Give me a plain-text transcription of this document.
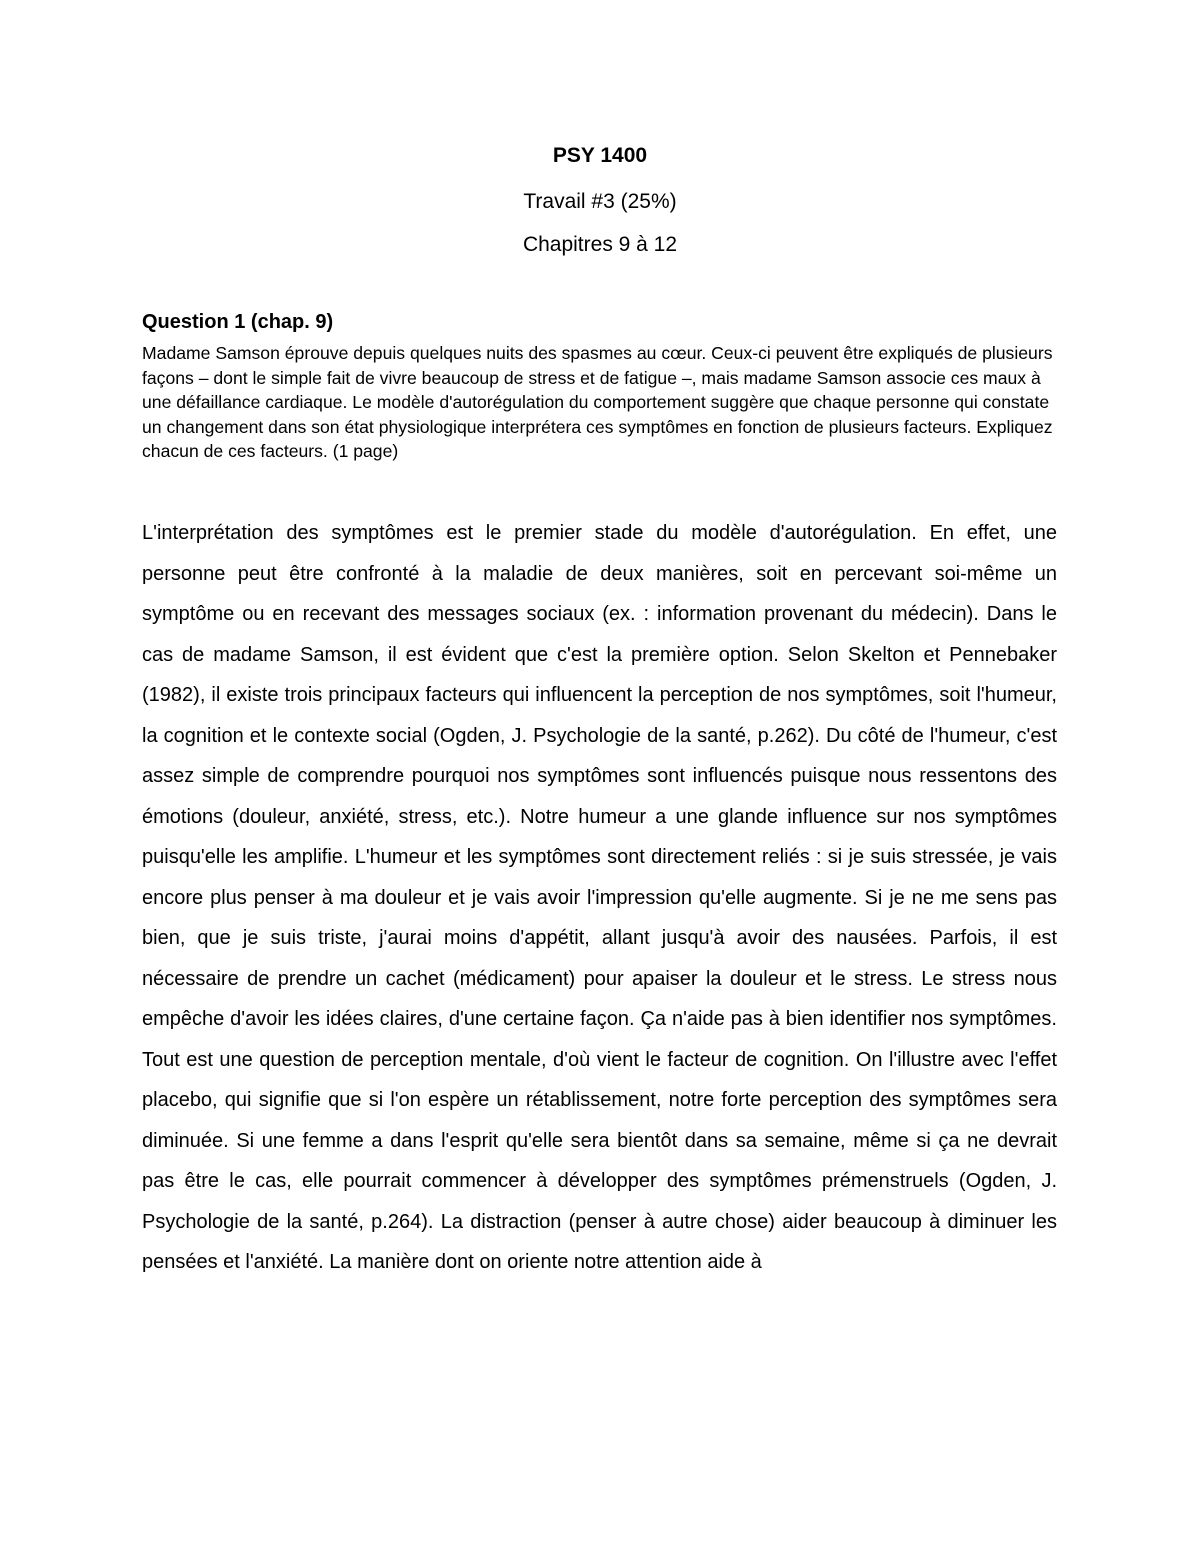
PSY 1400
Travail #3 (25%)
Chapitres 9 à 12
Question 1 (chap. 9)

Madame Samson éprouve depuis quelques nuits des spasmes au cœur. Ceux-ci peuvent être expliqués de plusieurs façons – dont le simple fait de vivre beaucoup de stress et de fatigue –, mais madame Samson associe ces maux à une défaillance cardiaque. Le modèle d'autorégulation du comportement suggère que chaque personne qui constate un changement dans son état physiologique interprétera ces symptômes en fonction de plusieurs facteurs. Expliquez chacun de ces facteurs. (1 page)

L'interprétation des symptômes est le premier stade du modèle d'autorégulation. En effet, une personne peut être confronté à la maladie de deux manières, soit en percevant soi-même un symptôme ou en recevant des messages sociaux (ex. : information provenant du médecin). Dans le cas de madame Samson, il est évident que c'est la première option. Selon Skelton et Pennebaker (1982), il existe trois principaux facteurs qui influencent la perception de nos symptômes, soit l'humeur, la cognition et le contexte social (Ogden, J. Psychologie de la santé, p.262). Du côté de l'humeur, c'est assez simple de comprendre pourquoi nos symptômes sont influencés puisque nous ressentons des émotions (douleur, anxiété, stress, etc.). Notre humeur a une glande influence sur nos symptômes puisqu'elle les amplifie. L'humeur et les symptômes sont directement reliés : si je suis stressée, je vais encore plus penser à ma douleur et je vais avoir l'impression qu'elle augmente. Si je ne me sens pas bien, que je suis triste, j'aurai moins d'appétit, allant jusqu'à avoir des nausées. Parfois, il est nécessaire de prendre un cachet (médicament) pour apaiser la douleur et le stress. Le stress nous empêche d'avoir les idées claires, d'une certaine façon. Ça n'aide pas à bien identifier nos symptômes. Tout est une question de perception mentale, d'où vient le facteur de cognition. On l'illustre avec l'effet placebo, qui signifie que si l'on espère un rétablissement, notre forte perception des symptômes sera diminuée. Si une femme a dans l'esprit qu'elle sera bientôt dans sa semaine, même si ça ne devrait pas être le cas, elle pourrait commencer à développer des symptômes prémenstruels (Ogden, J. Psychologie de la santé, p.264). La distraction (penser à autre chose) aider beaucoup à diminuer les pensées et l'anxiété. La manière dont on oriente notre attention aide à
